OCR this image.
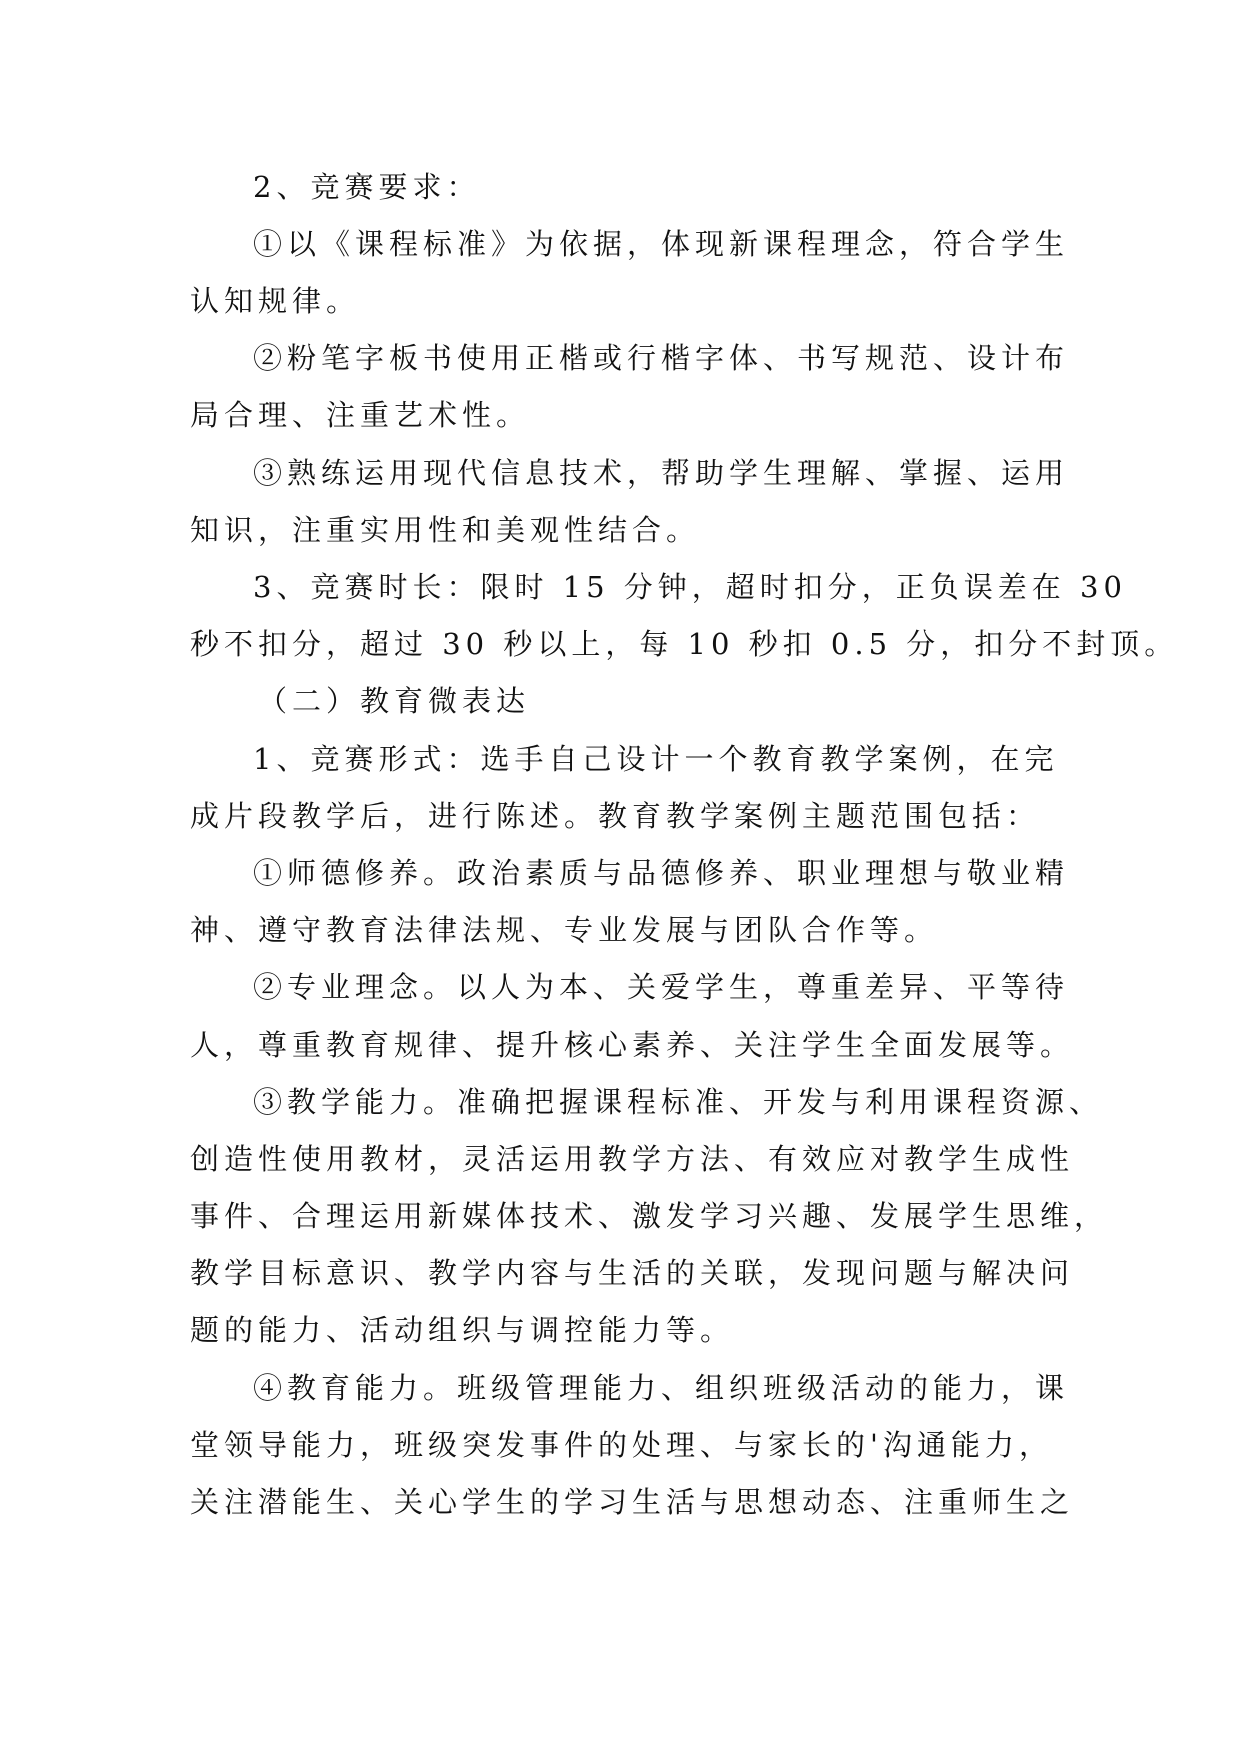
2、竞赛要求：
①以《课程标准》为依据，体现新课程理念，符合学生
认知规律。
②粉笔字板书使用正楷或行楷字体、书写规范、设计布
局合理、注重艺术性。
③熟练运用现代信息技术，帮助学生理解、掌握、运用
知识，注重实用性和美观性结合。
3、竞赛时长：限时 15 分钟，超时扣分，正负误差在 30
秒不扣分，超过 30 秒以上，每 10 秒扣 0.5 分，扣分不封顶。
（二）教育微表达
1、竞赛形式：选手自己设计一个教育教学案例，在完
成片段教学后，进行陈述。教育教学案例主题范围包括：
①师德修养。政治素质与品德修养、职业理想与敬业精
神、遵守教育法律法规、专业发展与团队合作等。
②专业理念。以人为本、关爱学生，尊重差异、平等待
人，尊重教育规律、提升核心素养、关注学生全面发展等。
③教学能力。准确把握课程标准、开发与利用课程资源、
创造性使用教材，灵活运用教学方法、有效应对教学生成性
事件、合理运用新媒体技术、激发学习兴趣、发展学生思维，
教学目标意识、教学内容与生活的关联，发现问题与解决问
题的能力、活动组织与调控能力等。
④教育能力。班级管理能力、组织班级活动的能力，课
堂领导能力，班级突发事件的处理、与家长的'沟通能力，
关注潜能生、关心学生的学习生活与思想动态、注重师生之
